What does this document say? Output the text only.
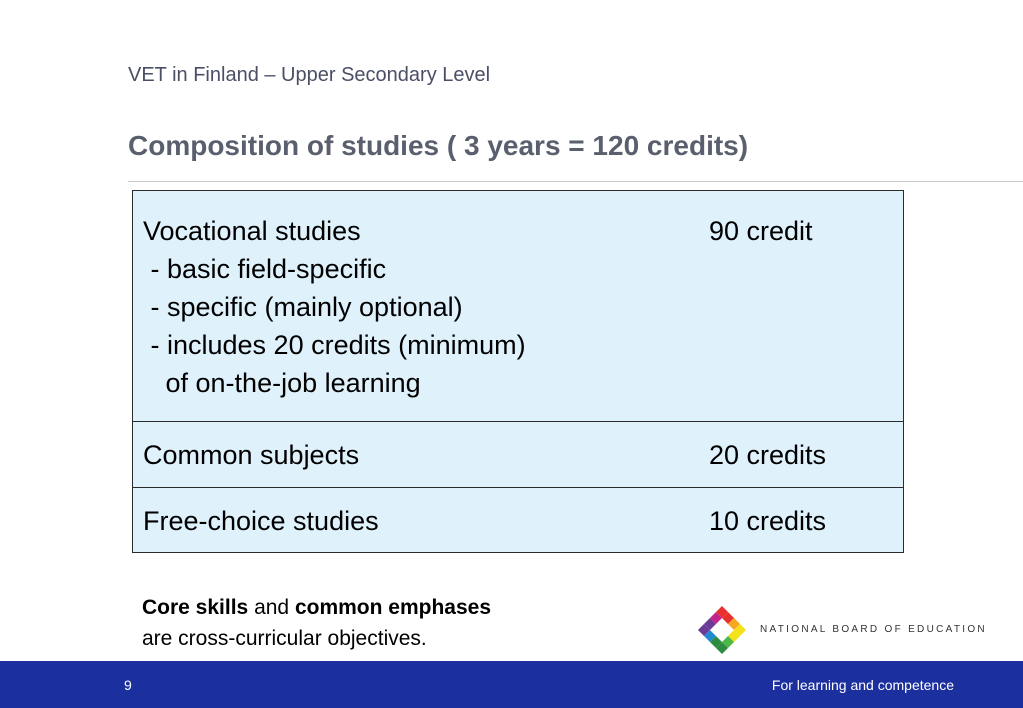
VET in Finland – Upper Secondary Level
Composition of studies ( 3 years = 120 credits)
Vocational studies	90 credit
- basic field-specific
- specific (mainly optional)
- includes 20 credits (minimum)
of on-the-job learning
Common subjects	20 credits
Free-choice studies	10 credits
Core skills and common emphases
are cross-curricular objectives.	NATIONAL BOARD OF EDUCATION
9	For learning and competence
